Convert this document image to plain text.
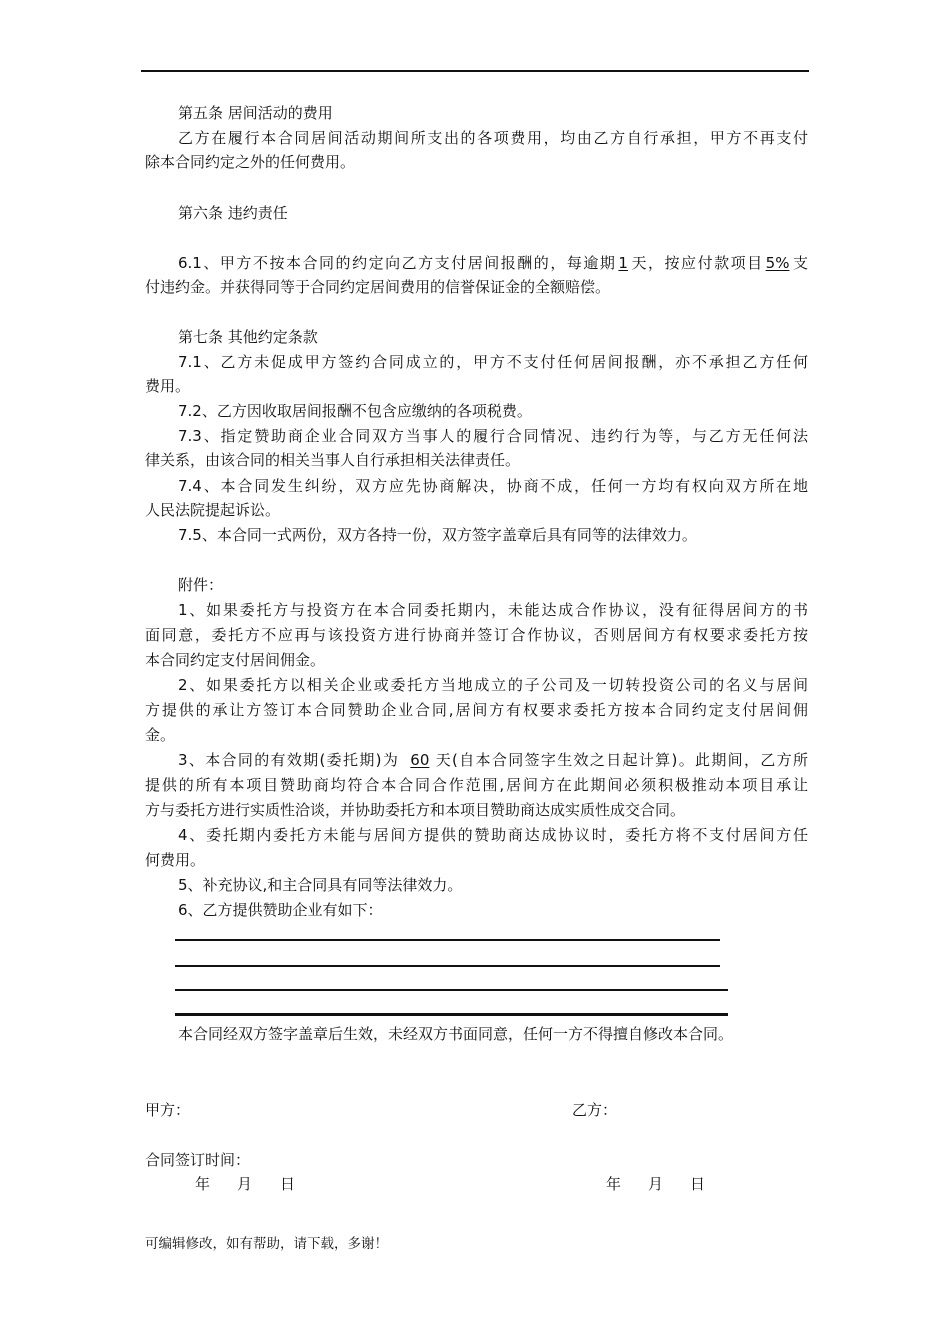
第五条 居间活动的费用
乙方在履行本合同居间活动期间所支出的各项费用，均由乙方自行承担，甲方不再支付
除本合同约定之外的任何费用。
第六条 违约责任
6.1、甲方不按本合同的约定向乙方支付居间报酬的，每逾期 1 天，按应付款项目 5% 支
付违约金。并获得同等于合同约定居间费用的信誉保证金的全额赔偿。
第七条 其他约定条款
7.1、乙方未促成甲方签约合同成立的，甲方不支付任何居间报酬，亦不承担乙方任何
费用。
7.2、乙方因收取居间报酬不包含应缴纳的各项税费。
7.3、指定赞助商企业合同双方当事人的履行合同情况、违约行为等，与乙方无任何法
律关系，由该合同的相关当事人自行承担相关法律责任。
7.4、本合同发生纠纷，双方应先协商解决，协商不成，任何一方均有权向双方所在地
人民法院提起诉讼。
7.5、本合同一式两份，双方各持一份，双方签字盖章后具有同等的法律效力。
附件：
1、如果委托方与投资方在本合同委托期内，未能达成合作协议，没有征得居间方的书
面同意，委托方不应再与该投资方进行协商并签订合作协议，否则居间方有权要求委托方按
本合同约定支付居间佣金。
2、如果委托方以相关企业或委托方当地成立的子公司及一切转投资公司的名义与居间
方提供的承让方签订本合同赞助企业合同,居间方有权要求委托方按本合同约定支付居间佣
金。
3、本合同的有效期(委托期)为 60 天(自本合同签字生效之日起计算)。此期间，乙方所
提供的所有本项目赞助商均符合本合同合作范围,居间方在此期间必须积极推动本项目承让
方与委托方进行实质性洽谈，并协助委托方和本项目赞助商达成实质性成交合同。
4、委托期内委托方未能与居间方提供的赞助商达成协议时，委托方将不支付居间方任
何费用。
5、补充协议,和主合同具有同等法律效力。
6、乙方提供赞助企业有如下：
本合同经双方签字盖章后生效，未经双方书面同意，任何一方不得擅自修改本合同。
甲方：	乙方：
合同签订时间：
年 月 日	年 月 日
可编辑修改，如有帮助，请下载，多谢！
